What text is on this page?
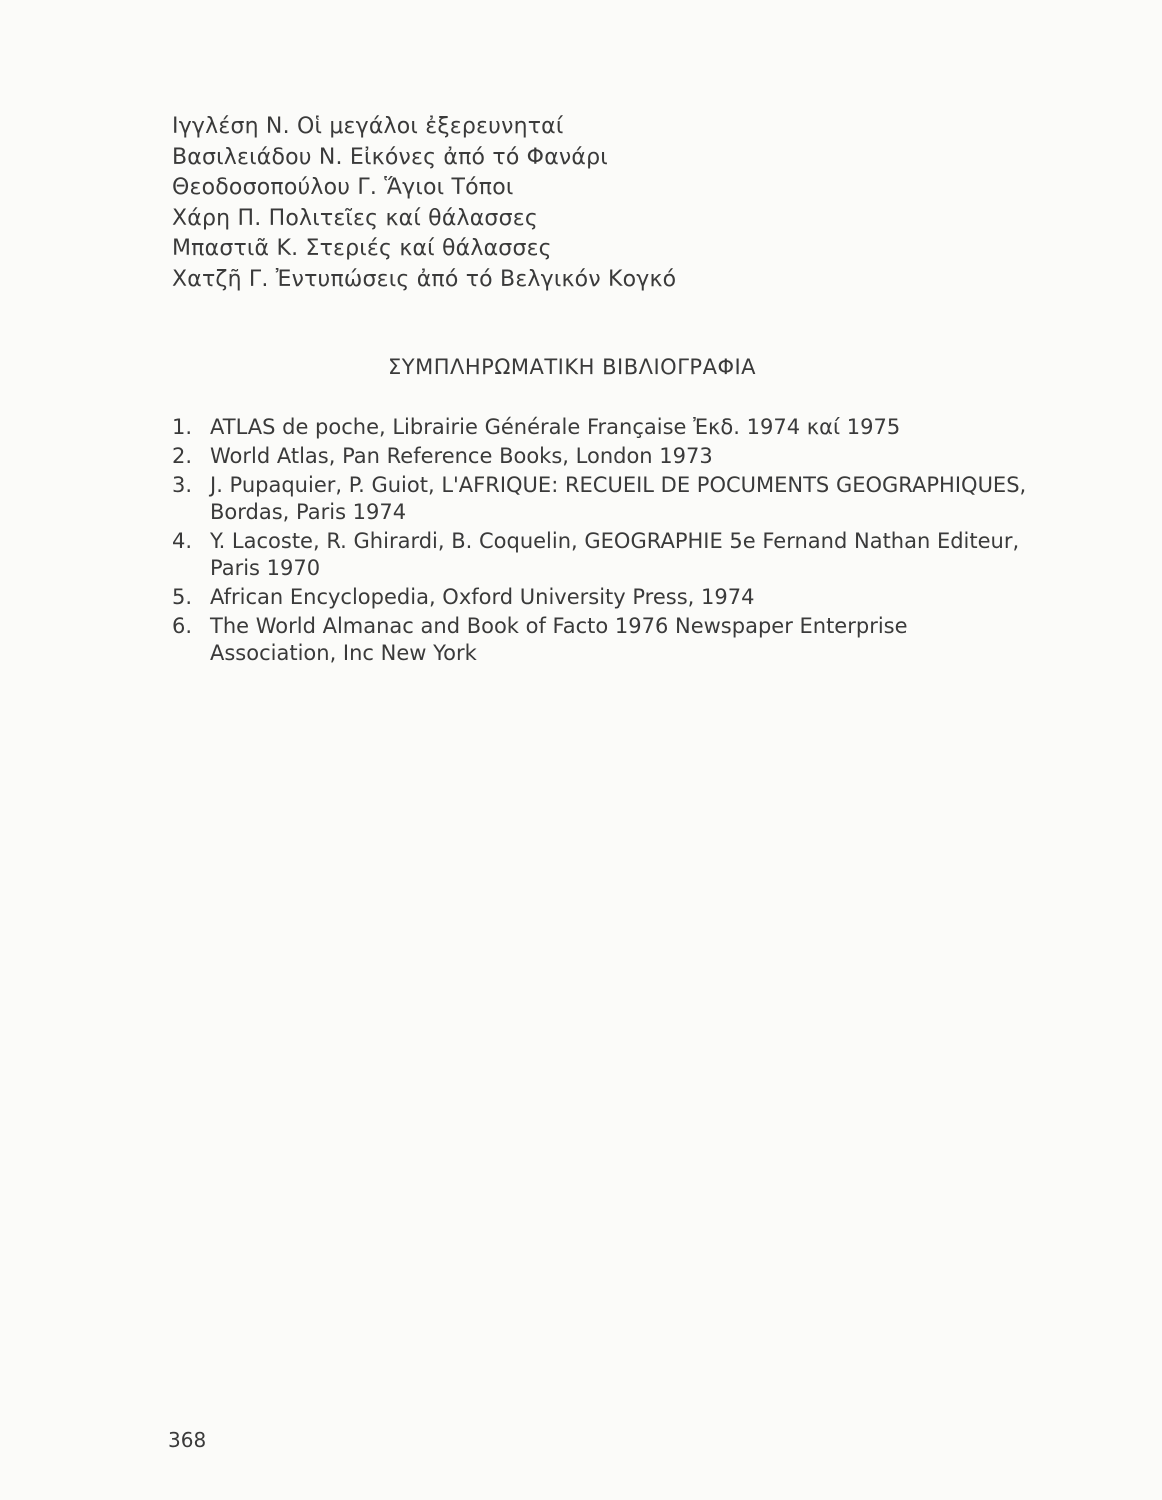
Ιγγλέση Ν. Οἱ μεγάλοι ἐξερευνηταί
Βασιλειάδου Ν. Εἰκόνες ἀπό τό Φανάρι
Θεοδοσοπούλου Γ. Ἅγιοι Τόποι
Χάρη Π. Πολιτεῖες καί θάλασσες
Μπαστιᾶ Κ. Στεριές καί θάλασσες
Χατζῆ Γ. Ἐντυπώσεις ἀπό τό Βελγικόν Κογκό
ΣΥΜΠΛΗΡΩΜΑΤΙΚΗ ΒΙΒΛΙΟΓΡΑΦΙΑ
1. ATLAS de poche, Librairie Générale Française Ἐκδ. 1974 καί 1975
2. World Atlas, Pan Reference Books, London 1973
3. J. Pupaquier, P. Guiot, L'AFRIQUE: RECUEIL DE POCUMENTS GEOGRAPHIQUES, Bordas, Paris 1974
4. Y. Lacoste, R. Ghirardi, B. Coquelin, GEOGRAPHIE 5e Fernand Nathan Editeur, Paris 1970
5. African Encyclopedia, Oxford University Press, 1974
6. The World Almanac and Book of Facto 1976 Newspaper Enterprise Association, Inc New York
368
